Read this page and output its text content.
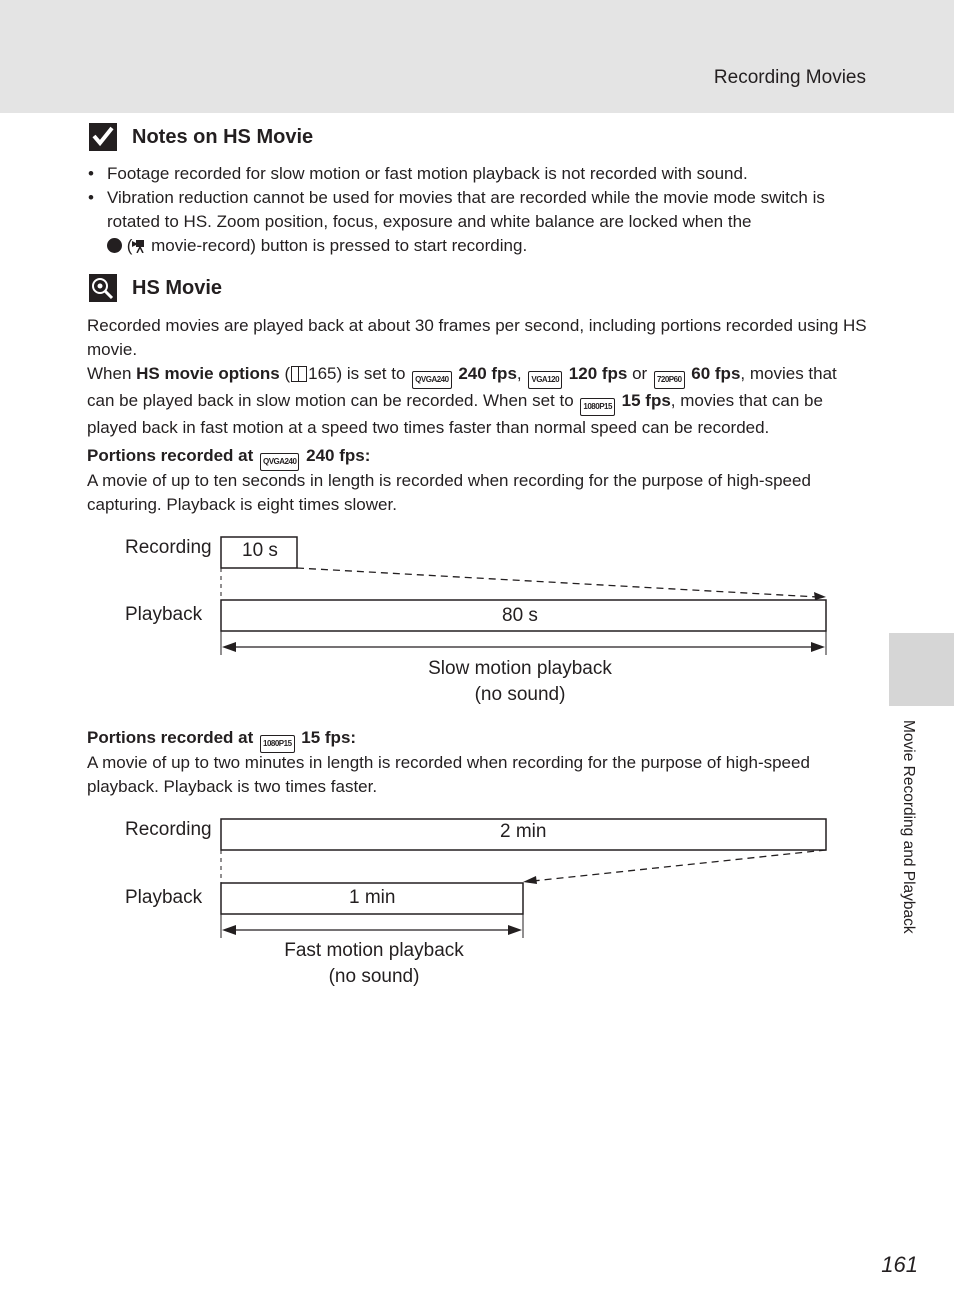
Recording Movies
Movie Recording and Playback
Notes on HS Movie
• Footage recorded for slow motion or fast motion playback is not recorded with sound.
• Vibration reduction cannot be used for movies that are recorded while the movie mode switch is rotated to HS. Zoom position, focus, exposure and white balance are locked when the
( movie-record) button is pressed to start recording.
HS Movie
Recorded movies are played back at about 30 frames per second, including portions recorded using HS movie.
When HS movie options ( 165) is set to QVGA240 240 fps, VGA120 120 fps or 720P60 60 fps, movies that can be played back in slow motion can be recorded. When set to 1080P15 15 fps, movies that can be played back in fast motion at a speed two times faster than normal speed can be recorded.
Portions recorded at QVGA240 240 fps:
A movie of up to ten seconds in length is recorded when recording for the purpose of high-speed capturing. Playback is eight times slower.
Recording
Playback
10 s
80 s
Slow motion playback
(no sound)
Portions recorded at 1080P15 15 fps:
A movie of up to two minutes in length is recorded when recording for the purpose of high-speed playback. Playback is two times faster.
Recording
Playback
2 min
1 min
Fast motion playback
(no sound)
161
